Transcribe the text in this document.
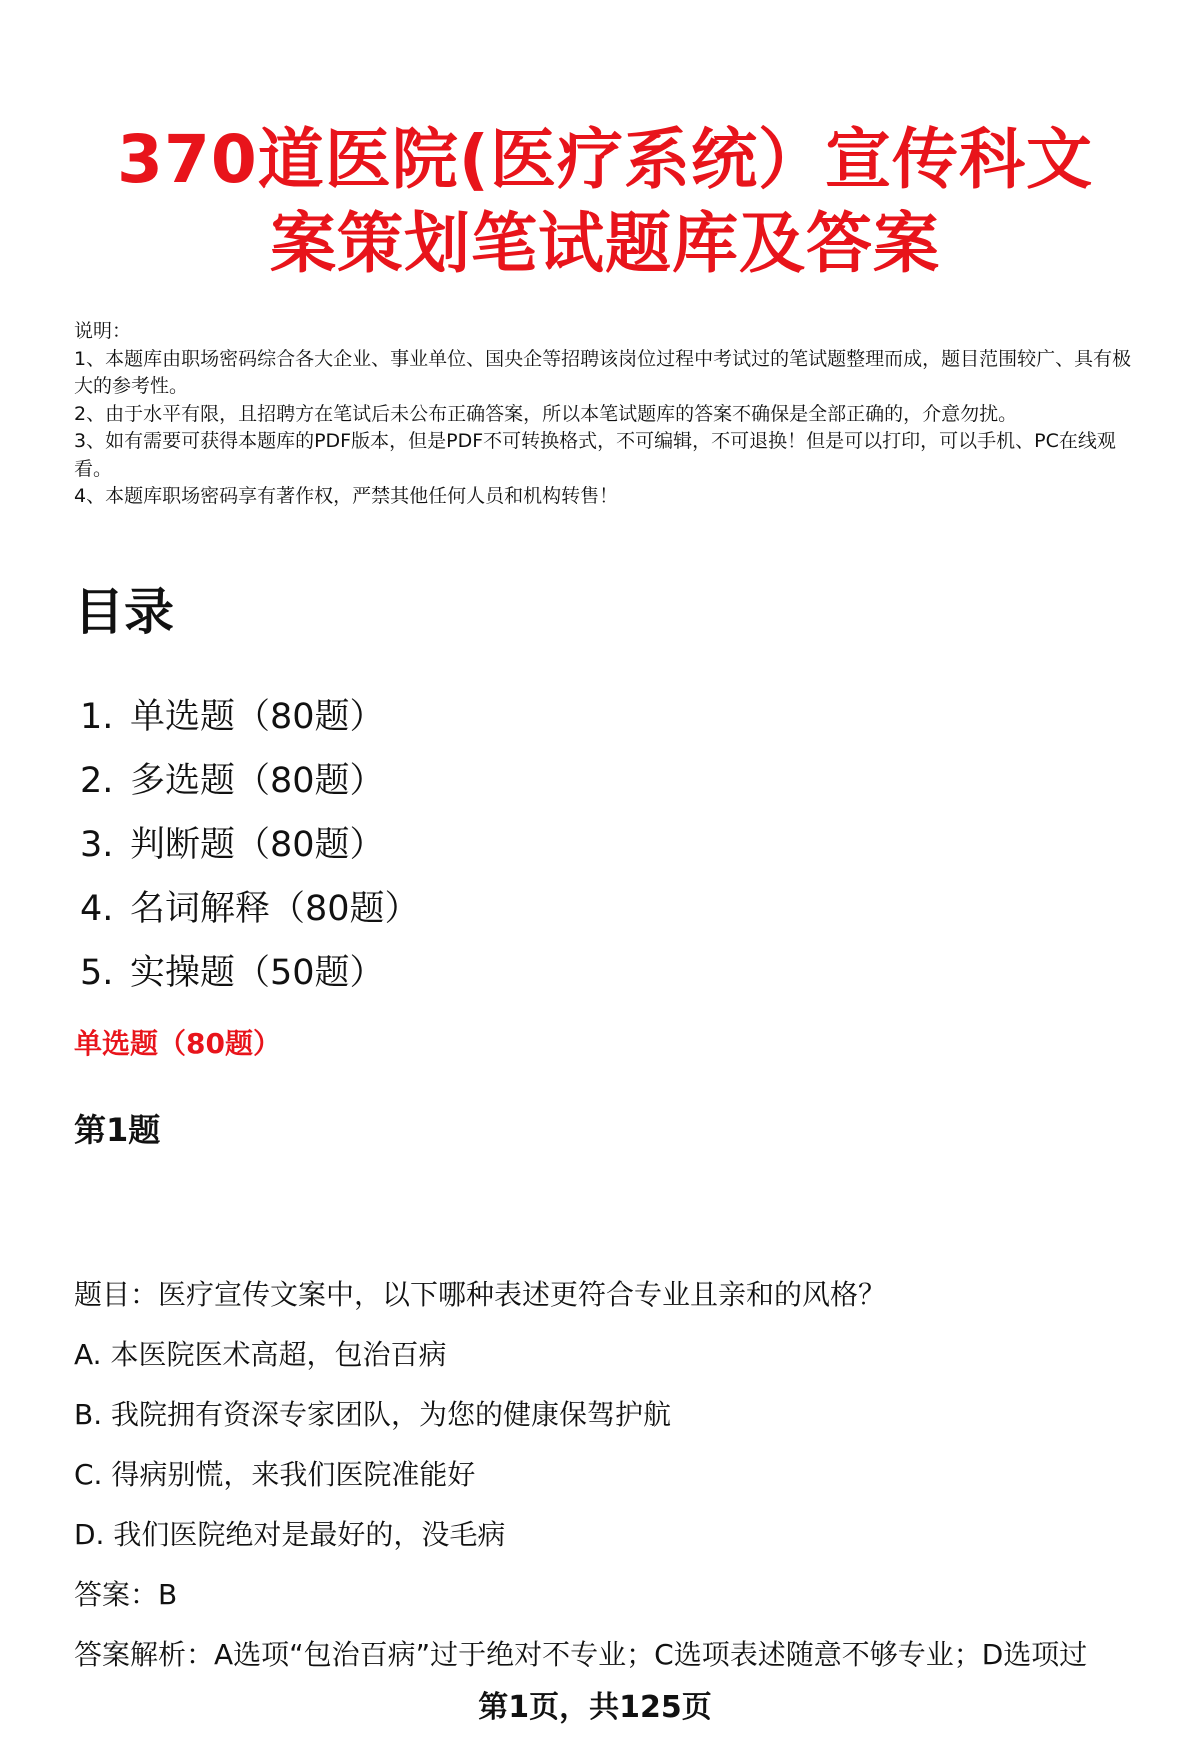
370道医院(医疗系统）宣传科文案策划笔试题库及答案

说明：

1、本题库由职场密码综合各大企业、事业单位、国央企等招聘该岗位过程中考试过的笔试题整理而成，题目范围较广、具有极大的参考性。

2、由于水平有限，且招聘方在笔试后未公布正确答案，所以本笔试题库的答案不确保是全部正确的，介意勿扰。

3、如有需要可获得本题库的PDF版本，但是PDF不可转换格式，不可编辑，不可退换！但是可以打印，可以手机、PC在线观看。

4、本题库职场密码享有著作权，严禁其他任何人员和机构转售！

目录
1. 单选题（80题）
2. 多选题（80题）
3. 判断题（80题）
4. 名词解释（80题）
5. 实操题（50题）
单选题（80题）
第1题

题目：医疗宣传文案中，以下哪种表述更符合专业且亲和的风格？

A. 本医院医术高超，包治百病

B. 我院拥有资深专家团队，为您的健康保驾护航

C. 得病别慌，来我们医院准能好

D. 我们医院绝对是最好的，没毛病

答案：B

答案解析：A选项“包治百病”过于绝对不专业；C选项表述随意不够专业；D选项过

第1页，共125页
